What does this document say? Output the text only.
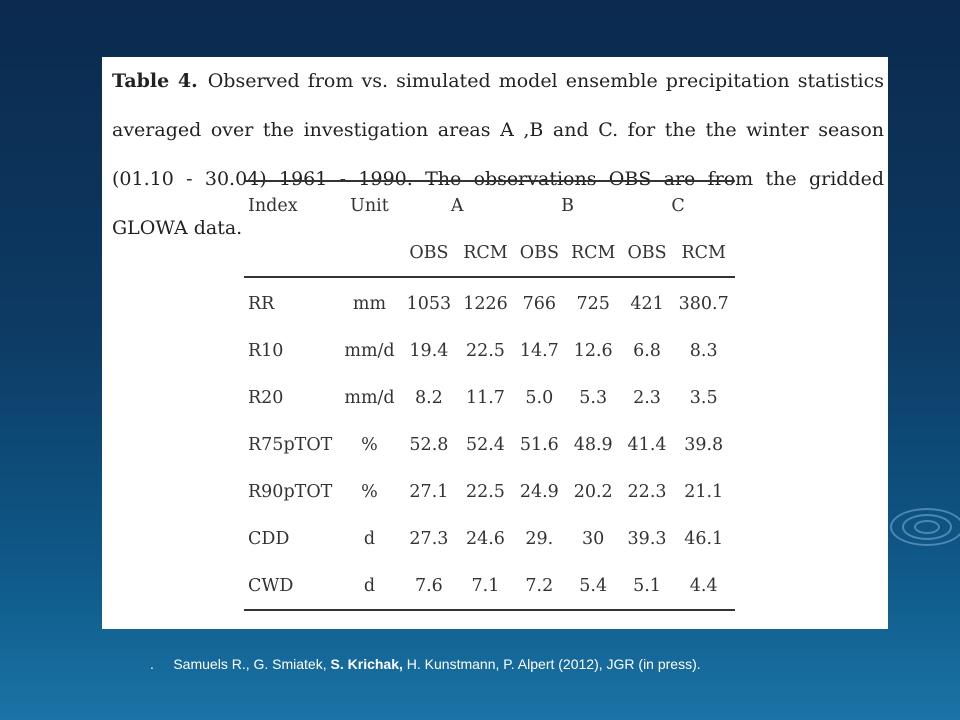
Table 4. Observed from vs. simulated model ensemble precipitation statistics averaged over the investigation areas A ,B and C. for the the winter season (01.10 - 30.04) 1961 - 1990. The observations OBS are from the gridded GLOWA data.
Index	Unit	A		B		C	
		OBS	RCM	OBS	RCM	OBS	RCM
RR	mm	1053	1226	766	725	421	380.7
R10	mm/d	19.4	22.5	14.7	12.6	6.8	8.3
R20	mm/d	8.2	11.7	5.0	5.3	2.3	3.5
R75pTOT	%	52.8	52.4	51.6	48.9	41.4	39.8
R90pTOT	%	27.1	22.5	24.9	20.2	22.3	21.1
CDD	d	27.3	24.6	29.	30	39.3	46.1
CWD	d	7.6	7.1	7.2	5.4	5.1	4.4
. Samuels R., G. Smiatek, S. Krichak, H. Kunstmann, P. Alpert (2012), JGR (in press).
